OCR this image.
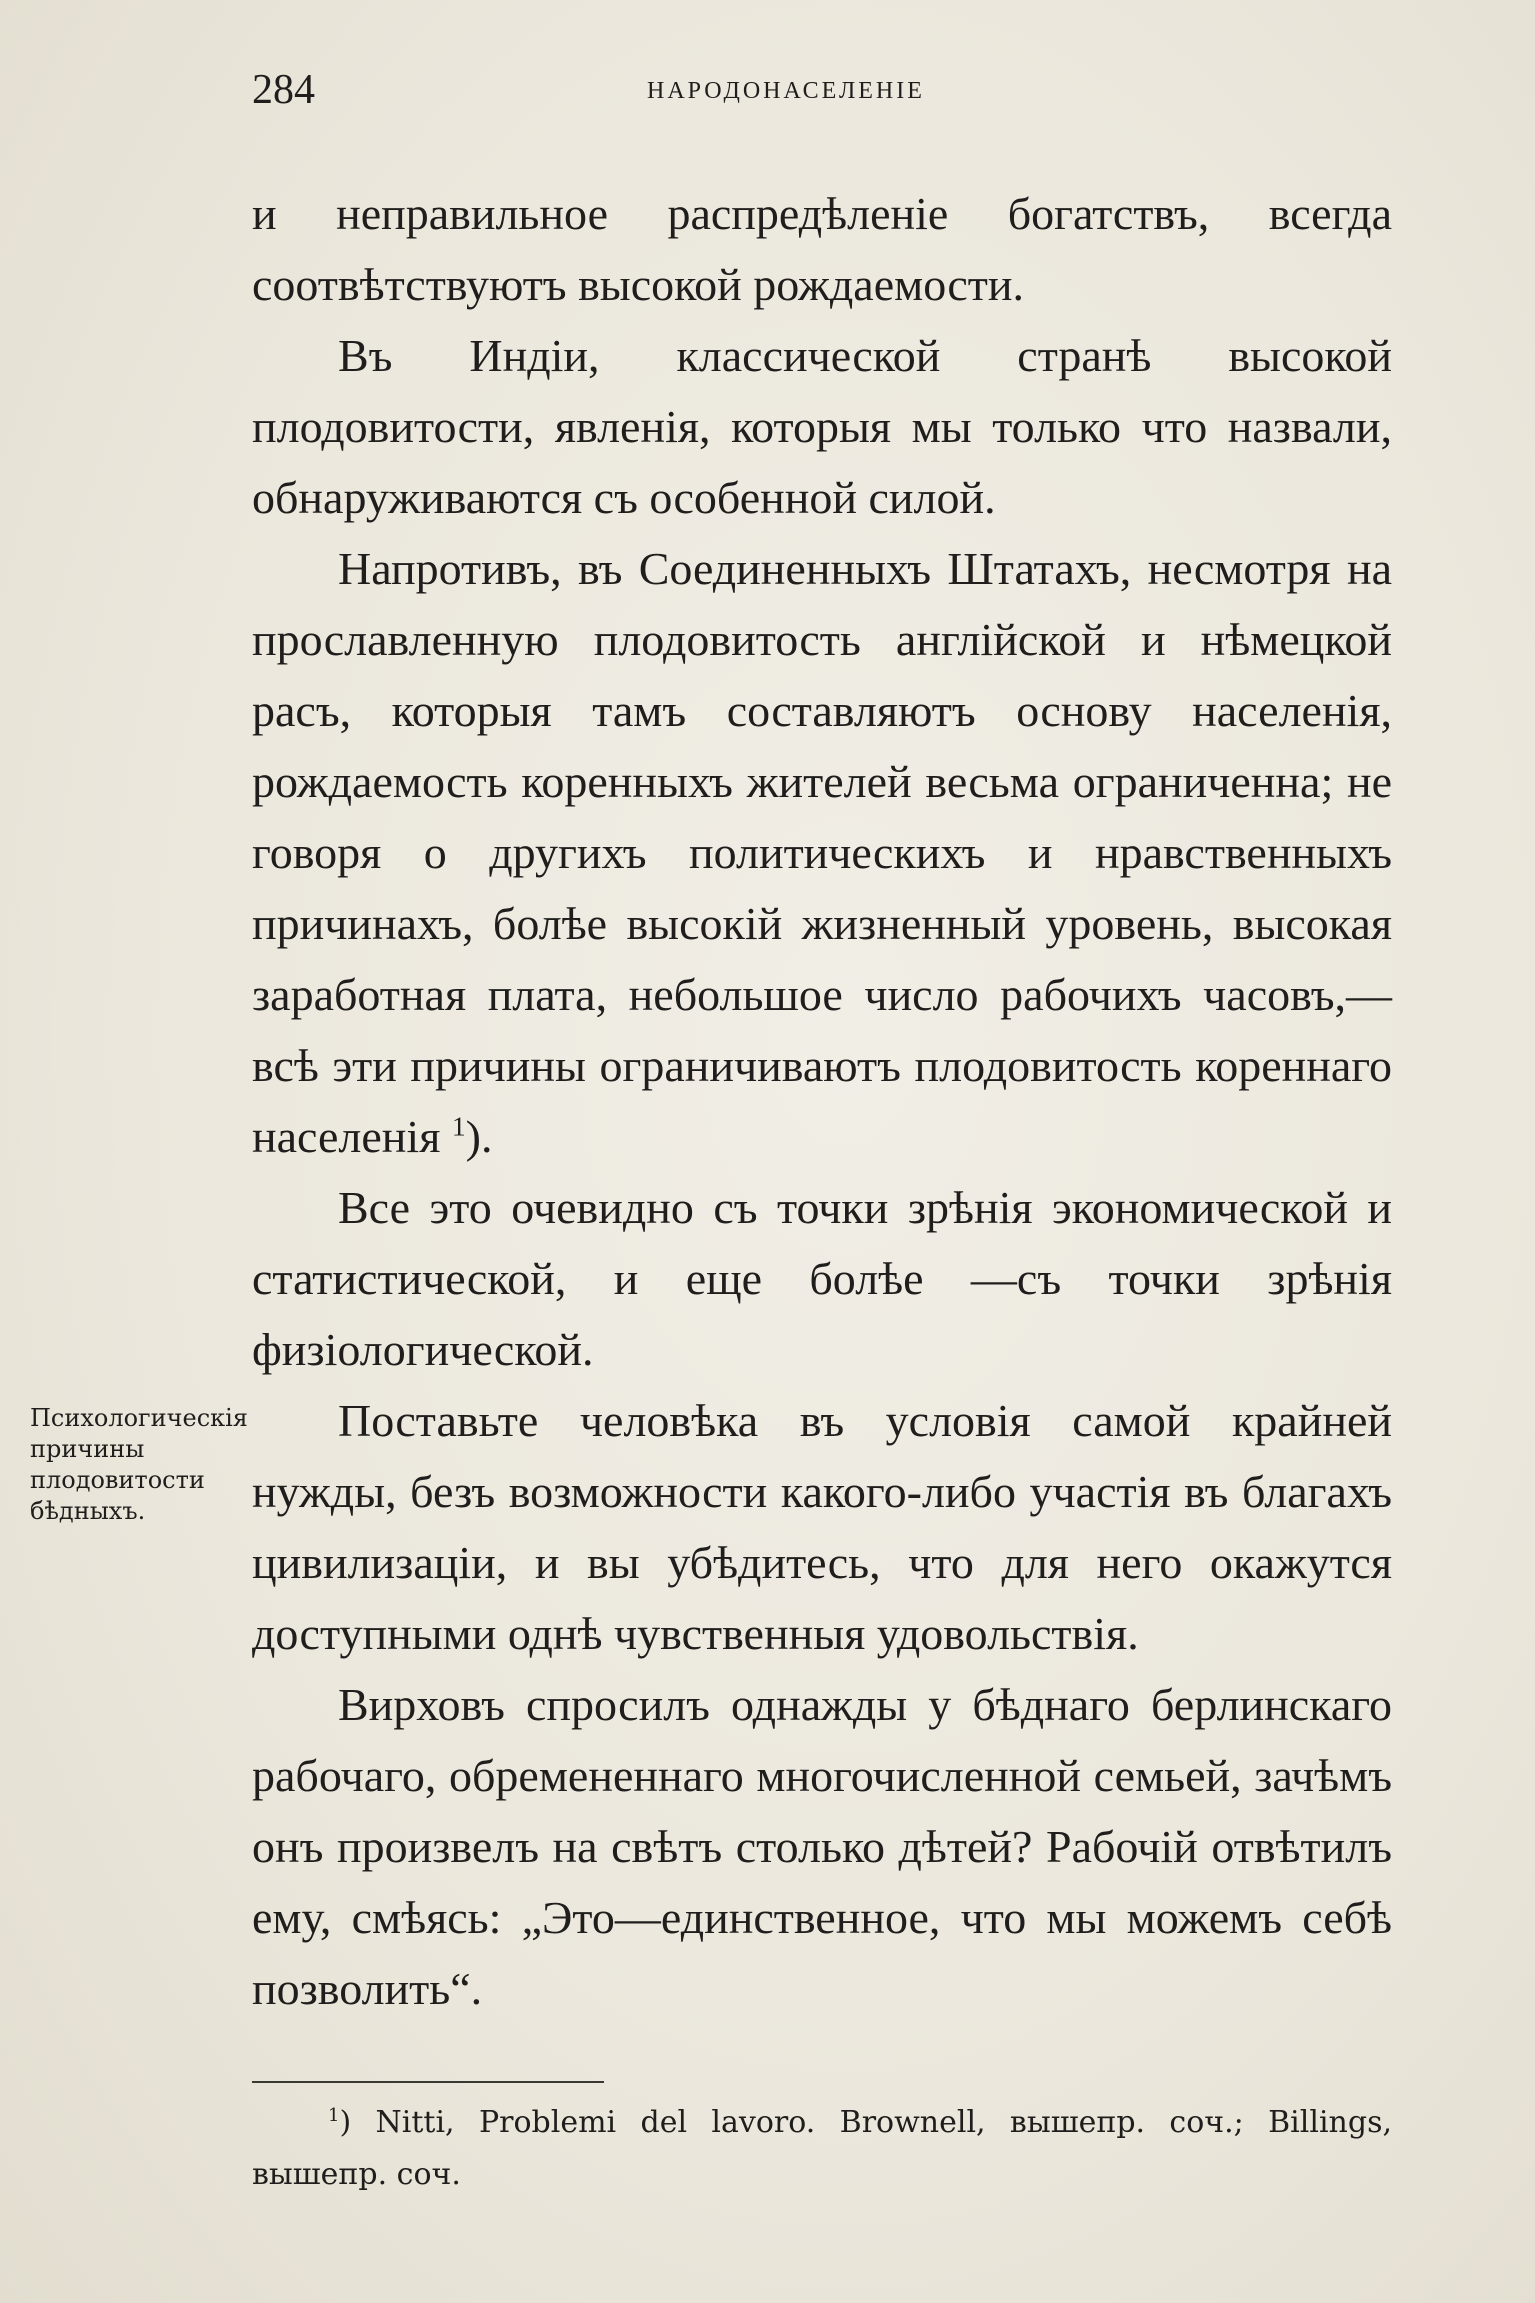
284	НАРОДОНАСЕЛЕНІЕ

и неправильное распредѣленіе богатствъ, всегда соотвѣтствуютъ высокой рождаемости.

Въ Индіи, классической странѣ высокой плодовитости, явленія, которыя мы только что назвали, обнаруживаются съ особенной силой.

Напротивъ, въ Соединенныхъ Штатахъ, несмотря на прославленную плодовитость англійской и нѣмецкой расъ, которыя тамъ составляютъ основу населенія, рождаемость коренныхъ жителей весьма ограниченна; не говоря о другихъ политическихъ и нравственныхъ причинахъ, болѣе высокій жизненный уровень, высокая заработная плата, небольшое число рабочихъ часовъ,—всѣ эти причины ограничиваютъ плодовитость кореннаго населенія $^1$).

Все это очевидно съ точки зрѣнія экономической и статистической, и еще болѣе —съ точки зрѣнія физіологической.

Поставьте человѣка въ условія самой крайней нужды, безъ возможности какого-либо участія въ благахъ цивилизаціи, и вы убѣдитесь, что для него окажутся доступными однѣ чувственныя удовольствія.

Вирховъ спросилъ однажды у бѣднаго берлинскаго рабочаго, обремененнаго многочисленной семьей, зачѣмъ онъ произвелъ на свѣтъ столько дѣтей? Рабочій отвѣтилъ ему, смѣясь: „Это—единственное, что мы можемъ себѣ позволить“.

Психологическія причины плодовитости бѣдныхъ.
$^1$) Nitti, Problemi del lavoro. Brownell, вышепр. соч.; Billings, вышепр. соч.
